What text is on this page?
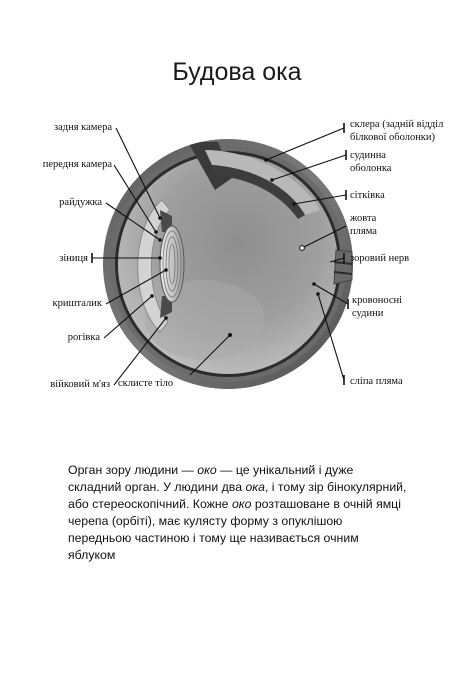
Будова ока
задня камера
передня камера
райдужка
зіниця
кришталик
рогівка
війковий м'яз склисте тіло
склера (задній відділ
білкової оболонки)
судинна
оболонка
сітківка
жовта
пляма
зоровий нерв
кровоносні
судини
сліпа пляма
Орган зору людини — око — це унікальний і дуже складний орган. У людини два ока, і тому зір бінокулярний, або стереоскопічний. Кожне око розташоване в очній ямці черепа (орбіті), має кулясту форму з опуклішою передньою частиною і тому ще називається очним яблуком
